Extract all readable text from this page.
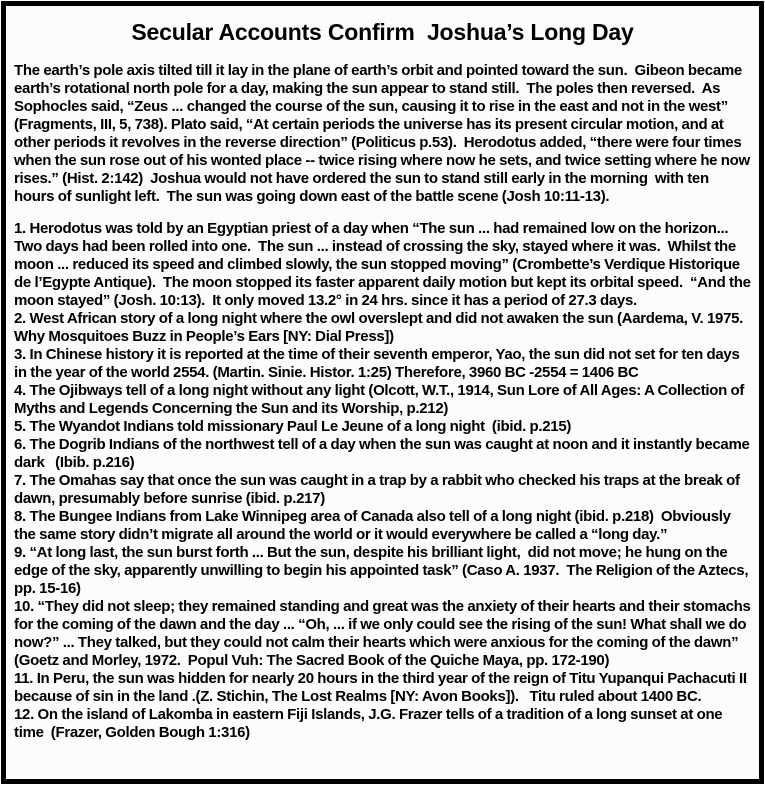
Secular Accounts Confirm  Joshua’s Long Day

The earth’s pole axis tilted till it lay in the plane of earth’s orbit and pointed toward the sun.  Gibeon became earth’s rotational north pole for a day, making the sun appear to stand still.  The poles then reversed.  As Sophocles said, “Zeus ... changed the course of the sun, causing it to rise in the east and not in the west” (Fragments, III, 5, 738). Plato said, “At certain periods the universe has its present circular motion, and at other periods it revolves in the reverse direction” (Politicus p.53).  Herodotus added, “there were four times when the sun rose out of his wonted place -- twice rising where now he sets, and twice setting where he now rises.” (Hist. 2:142)  Joshua would not have ordered the sun to stand still early in the morning  with ten hours of sunlight left.  The sun was going down east of the battle scene (Josh 10:11-13).

1. Herodotus was told by an Egyptian priest of a day when “The sun ... had remained low on the horizon... Two days had been rolled into one.  The sun ... instead of crossing the sky, stayed where it was.  Whilst the moon ... reduced its speed and climbed slowly, the sun stopped moving” (Crombette’s Verdique Historique de l’Egypte Antique).  The moon stopped its faster apparent daily motion but kept its orbital speed.  “And the moon stayed” (Josh. 10:13).  It only moved 13.2° in 24 hrs. since it has a period of 27.3 days.
2. West African story of a long night where the owl overslept and did not awaken the sun (Aardema, V. 1975. Why Mosquitoes Buzz in People’s Ears [NY: Dial Press])
3. In Chinese history it is reported at the time of their seventh emperor, Yao, the sun did not set for ten days  in the year of the world 2554. (Martin. Sinie. Histor. 1:25) Therefore, 3960 BC -2554 = 1406 BC
4. The Ojibways tell of a long night without any light (Olcott, W.T., 1914, Sun Lore of All Ages: A Collection of Myths and Legends Concerning the Sun and its Worship, p.212)
5. The Wyandot Indians told missionary Paul Le Jeune of a long night  (ibid. p.215)
6. The Dogrib Indians of the northwest tell of a day when the sun was caught at noon and it instantly became dark   (Ibib. p.216)
7. The Omahas say that once the sun was caught in a trap by a rabbit who checked his traps at the break of dawn, presumably before sunrise (ibid. p.217)
8. The Bungee Indians from Lake Winnipeg area of Canada also tell of a long night (ibid. p.218)  Obviously the same story didn’t migrate all around the world or it would everywhere be called a “long day.”
9. “At long last, the sun burst forth ... But the sun, despite his brilliant light,  did not move; he hung on the edge of the sky, apparently unwilling to begin his appointed task” (Caso A. 1937.  The Religion of the Aztecs, pp. 15-16)
10. “They did not sleep; they remained standing and great was the anxiety of their hearts and their stomachs for the coming of the dawn and the day ... “Oh, ... if we only could see the rising of the sun! What shall we do now?” ... They talked, but they could not calm their hearts which were anxious for the coming of the dawn” (Goetz and Morley, 1972.  Popul Vuh: The Sacred Book of the Quiche Maya, pp. 172-190)
11. In Peru, the sun was hidden for nearly 20 hours in the third year of the reign of Titu Yupanqui Pachacuti II because of sin in the land .(Z. Stichin, The Lost Realms [NY: Avon Books]).   Titu ruled about 1400 BC.
12. On the island of Lakomba in eastern Fiji Islands, J.G. Frazer tells of a tradition of a long sunset at one time  (Frazer, Golden Bough 1:316)
